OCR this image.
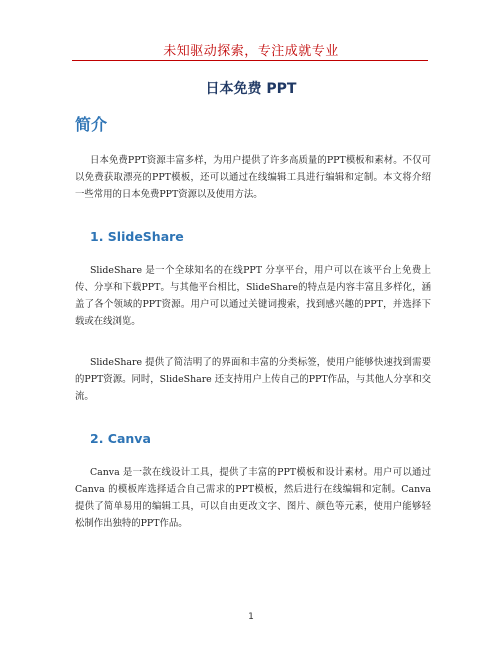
未知驱动探索，专注成就专业
日本免费 PPT
简介
日本免费PPT资源丰富多样，为用户提供了许多高质量的PPT模板和素材。不仅可以免费获取漂亮的PPT模板，还可以通过在线编辑工具进行编辑和定制。本文将介绍一些常用的日本免费PPT资源以及使用方法。
1. SlideShare
SlideShare 是一个全球知名的在线PPT 分享平台，用户可以在该平台上免费上传、分享和下载PPT。与其他平台相比，SlideShare的特点是内容丰富且多样化，涵盖了各个领域的PPT资源。用户可以通过关键词搜索，找到感兴趣的PPT，并选择下载或在线浏览。
SlideShare 提供了简洁明了的界面和丰富的分类标签，使用户能够快速找到需要的PPT资源。同时，SlideShare 还支持用户上传自己的PPT作品，与其他人分享和交流。
2. Canva
Canva 是一款在线设计工具，提供了丰富的PPT模板和设计素材。用户可以通过 Canva 的模板库选择适合自己需求的PPT模板，然后进行在线编辑和定制。Canva 提供了简单易用的编辑工具，可以自由更改文字、图片、颜色等元素，使用户能够轻松制作出独特的PPT作品。
1
